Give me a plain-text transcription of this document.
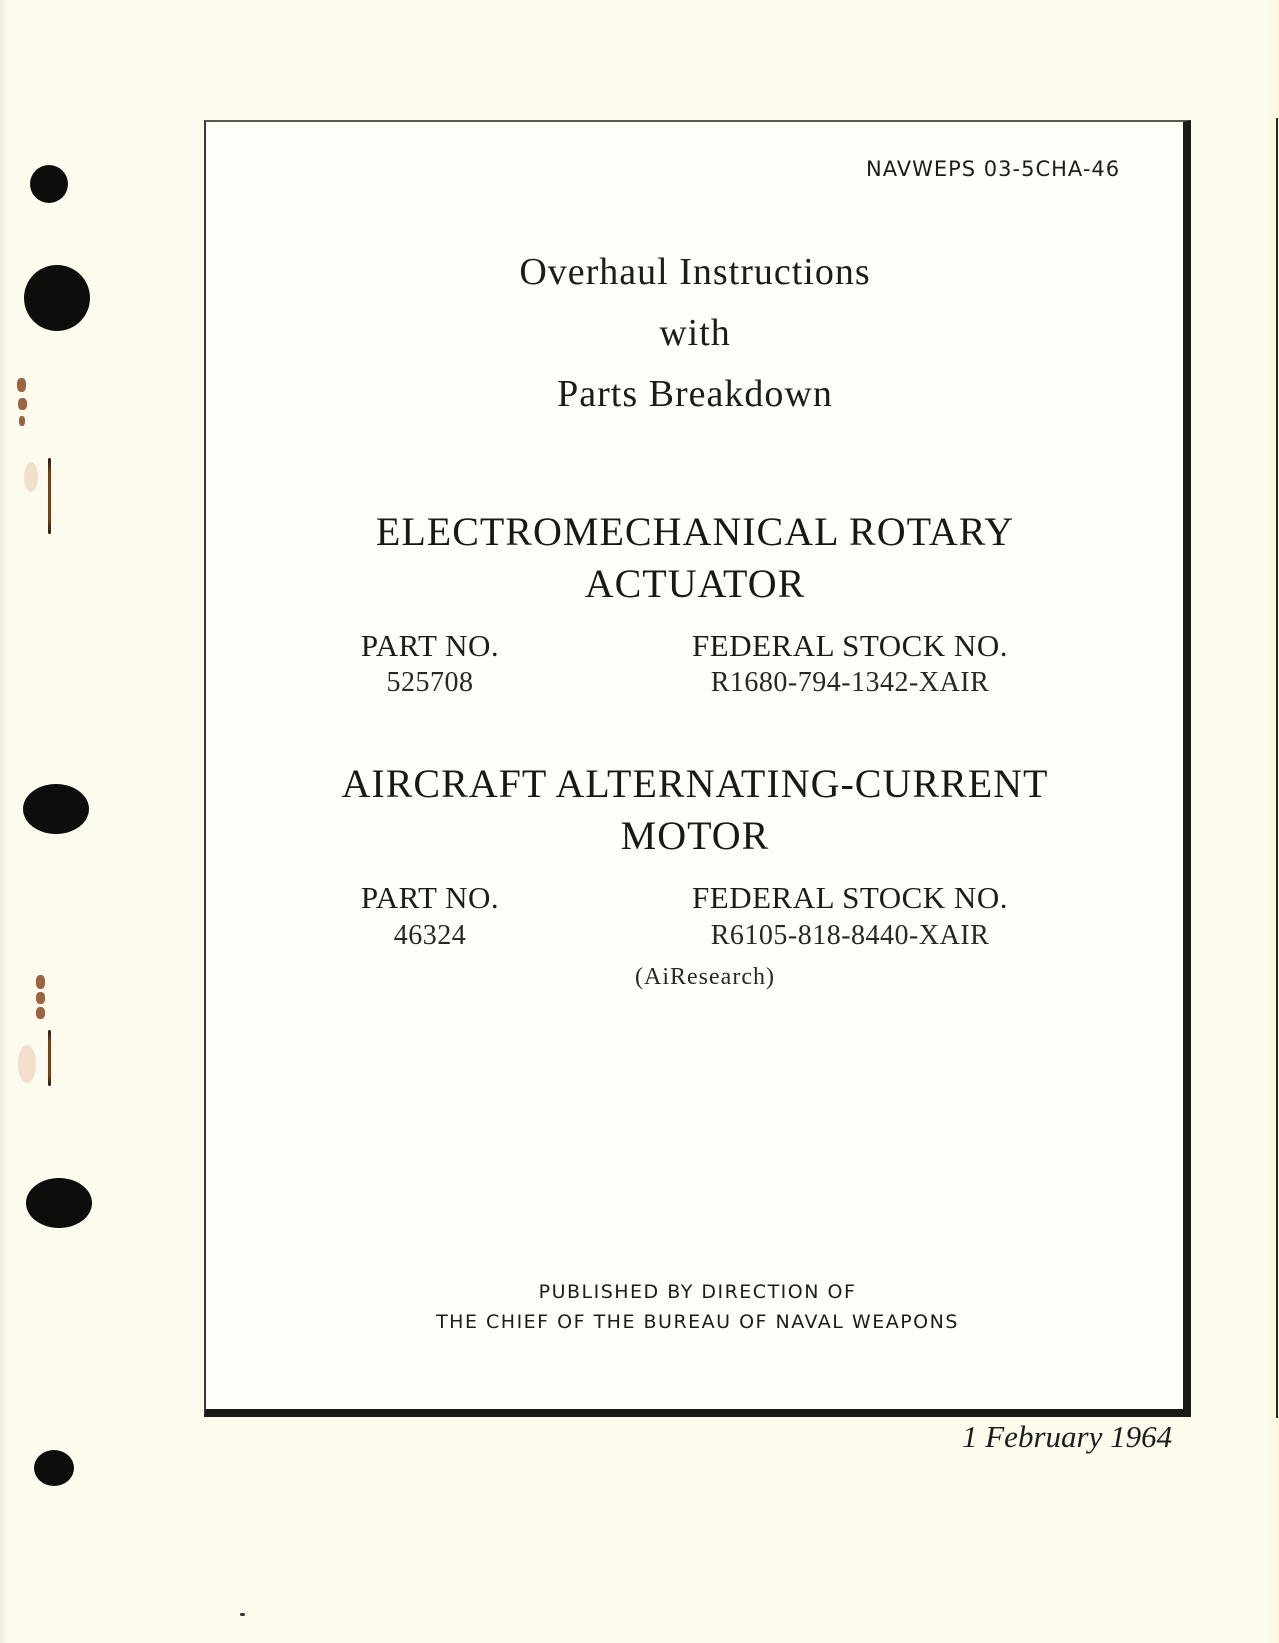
NAVWEPS 03-5CHA-46
Overhaul Instructions
with
Parts Breakdown
ELECTROMECHANICAL ROTARY
ACTUATOR
PART NO.	FEDERAL STOCK NO.
525708	R1680-794-1342-XAIR
AIRCRAFT ALTERNATING-CURRENT
MOTOR
PART NO.	FEDERAL STOCK NO.
46324	R6105-818-8440-XAIR
(AiResearch)
PUBLISHED BY DIRECTION OF
THE CHIEF OF THE BUREAU OF NAVAL WEAPONS
1 February 1964
